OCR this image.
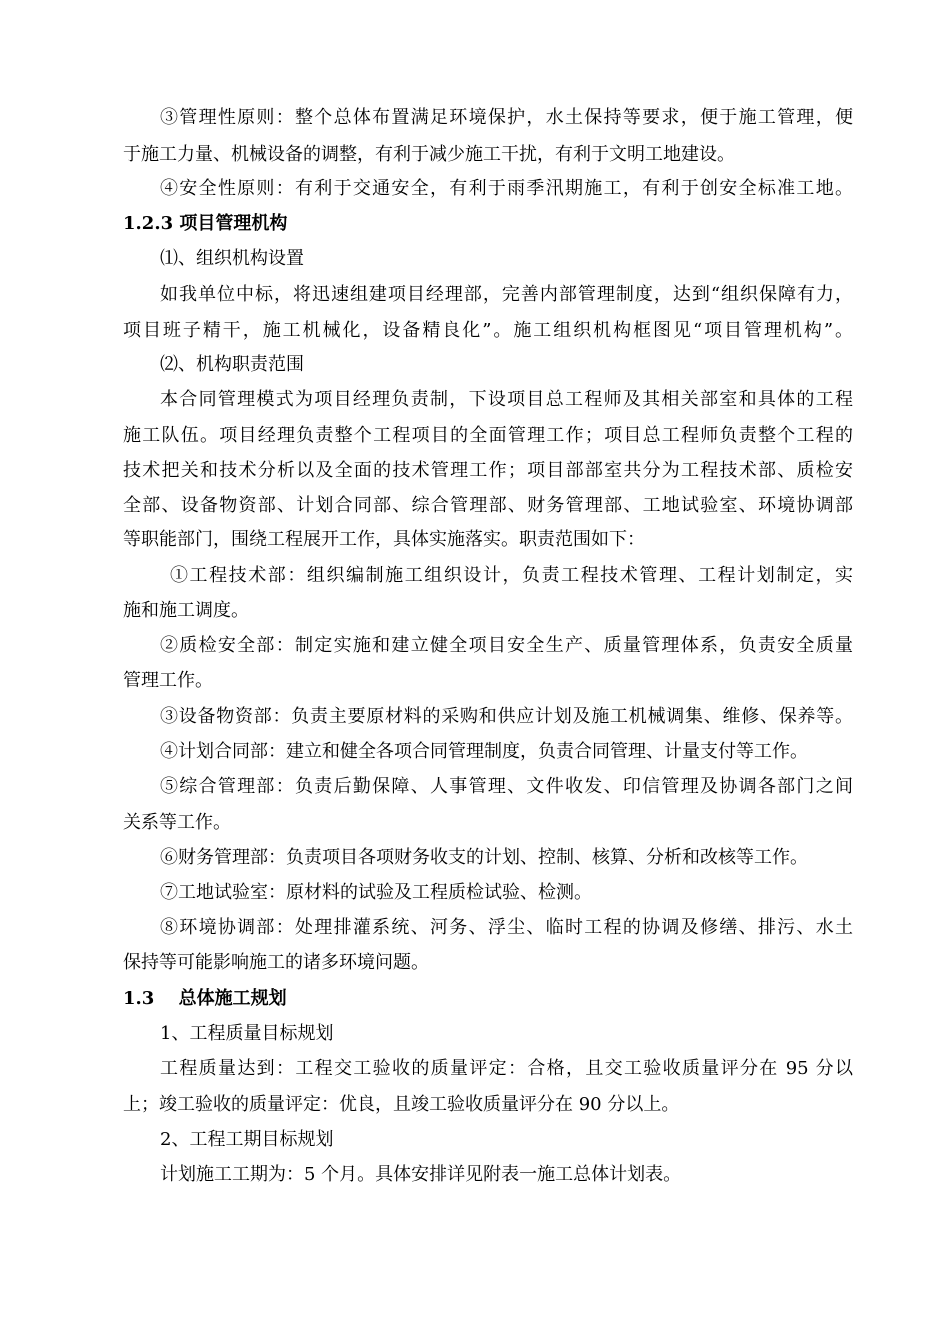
③管理性原则：整个总体布置满足环境保护，水土保持等要求，便于施工管理，便
于施工力量、机械设备的调整，有利于减少施工干扰，有利于文明工地建设。
④安全性原则：有利于交通安全，有利于雨季汛期施工，有利于创安全标准工地。
1.2.3 项目管理机构
⑴、组织机构设置
如我单位中标，将迅速组建项目经理部，完善内部管理制度，达到“组织保障有力，
项目班子精干，施工机械化，设备精良化”。施工组织机构框图见“项目管理机构”。
⑵、机构职责范围
本合同管理模式为项目经理负责制，下设项目总工程师及其相关部室和具体的工程
施工队伍。项目经理负责整个工程项目的全面管理工作；项目总工程师负责整个工程的
技术把关和技术分析以及全面的技术管理工作；项目部部室共分为工程技术部、质检安
全部、设备物资部、计划合同部、综合管理部、财务管理部、工地试验室、环境协调部
等职能部门，围绕工程展开工作，具体实施落实。职责范围如下：
①工程技术部：组织编制施工组织设计，负责工程技术管理、工程计划制定，实
施和施工调度。
②质检安全部：制定实施和建立健全项目安全生产、质量管理体系，负责安全质量
管理工作。
③设备物资部：负责主要原材料的采购和供应计划及施工机械调集、维修、保养等。
④计划合同部：建立和健全各项合同管理制度，负责合同管理、计量支付等工作。
⑤综合管理部：负责后勤保障、人事管理、文件收发、印信管理及协调各部门之间
关系等工作。
⑥财务管理部：负责项目各项财务收支的计划、控制、核算、分析和改核等工作。
⑦工地试验室：原材料的试验及工程质检试验、检测。
⑧环境协调部：处理排灌系统、河务、浮尘、临时工程的协调及修缮、排污、水土
保持等可能影响施工的诸多环境问题。
1.3　 总体施工规划
1、工程质量目标规划
工程质量达到：工程交工验收的质量评定：合格，且交工验收质量评分在 95 分以
上；竣工验收的质量评定：优良，且竣工验收质量评分在 90 分以上。
2、工程工期目标规划
计划施工工期为：5 个月。具体安排详见附表一施工总体计划表。
